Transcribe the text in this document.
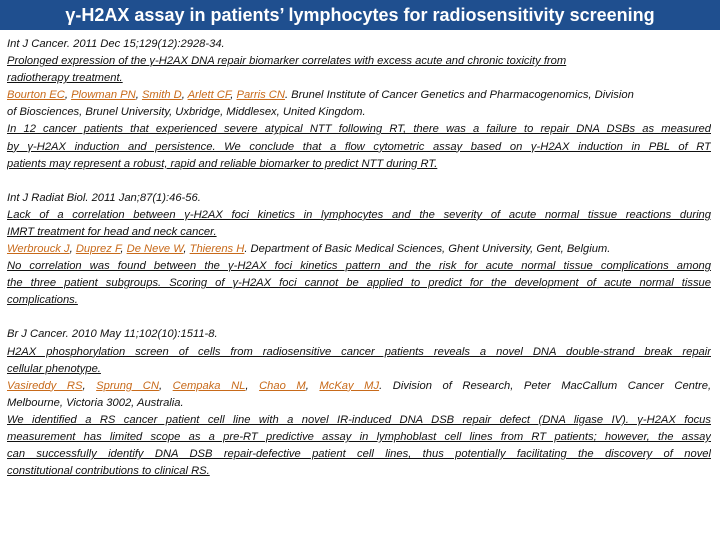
γ-H2AX assay in patients’ lymphocytes for radiosensitivity screening
Int J Cancer. 2011 Dec 15;129(12):2928-34.
Prolonged expression of the γ-H2AX DNA repair biomarker correlates with excess acute and chronic toxicity from
radiotherapy treatment.
Bourton EC, Plowman PN, Smith D, Arlett CF, Parris CN. Brunel Institute of Cancer Genetics and Pharmacogenomics, Division
of Biosciences, Brunel University, Uxbridge, Middlesex, United Kingdom.
In 12 cancer patients that experienced severe atypical NTT following RT, there was a failure to repair DNA DSBs as measured
by γ-H2AX induction and persistence. We conclude that a flow cytometric assay based on γ-H2AX induction in PBL of RT
patients may represent a robust, rapid and reliable biomarker to predict NTT during RT.
Int J Radiat Biol. 2011 Jan;87(1):46-56.
Lack of a correlation between γ-H2AX foci kinetics in lymphocytes and the severity of acute normal tissue reactions during
IMRT treatment for head and neck cancer.
Werbrouck J, Duprez F, De Neve W, Thierens H. Department of Basic Medical Sciences, Ghent University, Gent, Belgium.
No correlation was found between the γ-H2AX foci kinetics pattern and the risk for acute normal tissue complications among
the three patient subgroups. Scoring of γ-H2AX foci cannot be applied to predict for the development of acute normal tissue
complications.
Br J Cancer. 2010 May 11;102(10):1511-8.
H2AX phosphorylation screen of cells from radiosensitive cancer patients reveals a novel DNA double-strand break repair
cellular phenotype.
Vasireddy RS, Sprung CN, Cempaka NL, Chao M, McKay MJ. Division of Research, Peter MacCallum Cancer Centre,
Melbourne, Victoria 3002, Australia.
We identified a RS cancer patient cell line with a novel IR-induced DNA DSB repair defect (DNA ligase IV). γ-H2AX focus
measurement has limited scope as a pre-RT predictive assay in lymphoblast cell lines from RT patients; however, the assay
can successfully identify DNA DSB repair-defective patient cell lines, thus potentially facilitating the discovery of novel
constitutional contributions to clinical RS.
